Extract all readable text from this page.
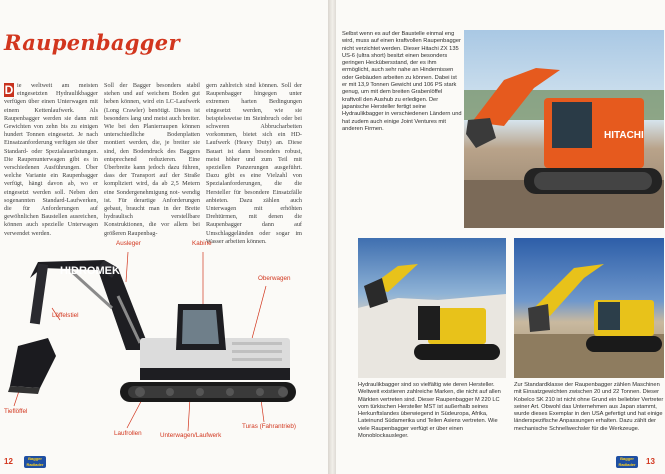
Raupenbagger
D ie weltweit am meisten eingesetzten Hydraulikbagger verfügen über einen Unterwagen mit einem Kettenlaufwerk. Als Raupenbagger werden sie dann mit Gewichten von zehn bis zu einigen hundert Tonnen eingesetzt. Je nach Einsatzanforderung verfügen sie über Standard- oder Spezialausrüstungen. Die Raupenunterwagen gibt es in verschiedenen Ausführungen. Über welche Variante ein Raupenbagger verfügt, hängt davon ab, wo er eingesetzt werden soll. Neben den sogenannten Standard-Laufwerken, die für Anforderungen auf gewöhnlichen Baustellen ausreichen, können auch spezielle Unterwagen verwendet werden.

Soll der Bagger besonders stabil stehen und auf weichem Boden gut heben können, wird ein LC-Laufwerk (Long Crawler) benötigt. Dieses ist besonders lang und meist auch breiter. Wie bei den Planierraupen können unterschiedliche Bodenplatten montiert werden, die, je breiter sie sind, den Bodendruck des Baggers entsprechend reduzieren. Eine Überbreite kann jedoch dazu führen, dass der Transport auf der Straße kompliziert wird, da ab 2,5 Metern eine Sondergenehmigung not- wendig ist. Für derartige Anforderungen gebaut, braucht man in der Breite hydraulisch verstellbare Konstruktionen, die vor allem bei größeren Raupenbag-

gern zahlreich sind können. Soll der Raupenbagger hingegen unter extremen harten Bedingungen eingesetzt werden, wie sie beispielsweise im Steinbruch oder bei schweren Abbrucharbeiten vorkommen, bietet sich ein HD-Laufwerk (Heavy Duty) an. Diese Bauart ist dann besonders robust, meist höher und zum Teil mit speziellen Panzerungen ausgeführt. Dazu gibt es eine Vielzahl von Spezialanforderungen, die die Hersteller für besondere Einsatzfälle anbieten. Dazu zählen auch Unterwagen mit erhöhten Drehtürmen, mit denen die Raupenbagger dann auf Umschlaggeländen oder sogar im Wasser arbeiten können.

HIDROMEK
Ausleger	Kabine
Oberwagen
Löffelstiel
Tieflöffel
Laufrollen	Unterwagen/Laufwerk
Turas (Fahrantrieb)
12	Bagger Radlader
Selbst wenn es auf der Baustelle einmal eng wird, muss auf einen kraftvollen Raupenbagger nicht verzichtet werden. Dieser Hitachi ZX 135 US-6 (ultra short) besitzt einen besonders geringen Heckübersstand, der es ihm ermöglicht, auch sehr nahe an Hindernissen oder Gebäuden arbeiten zu können. Dabei ist er mit 13,9 Tonnen Gewicht und 106 PS stark genug, um mit dem breiten Grabenlöffel kraftvoll den Aushub zu erledigen. Der japanische Hersteller fertigt seine Hydraulikbagger in verschiedenen Ländern und hat zudem auch einige Joint Ventures mit anderen Firmen.
HITACHI
Hydraulikbagger sind so vielfältig wie deren Hersteller. Weltweit existieren zahlreiche Marken, die nicht auf allen Märkten vertreten sind. Dieser Raupenbagger M 220 LC vom türkischen Hersteller MST ist außerhalb seines Herkunftslandes überwiegend in Südeuropa, Afrika, Lateinund Südamerika und Teilen Asiens vertreten. Wie viele Raupenbagger verfügt er über einen Monoblockausleger.
Zur Standardklasse der Raupenbagger zählen Maschinen mit Einsatzgewichten zwischen 20 und 22 Tonnen. Dieser Kobelco SK 210 ist nicht ohne Grund ein beliebter Vertreter seiner Art. Obwohl das Unternehmen aus Japan stammt, wurde dieses Exemplar in den USA gefertigt und hat einige länderspezifische Anpassungen erhalten. Dazu zählt der mechanische Schnellwechsler für die Werkzeuge.
Bagger Radlader	13
